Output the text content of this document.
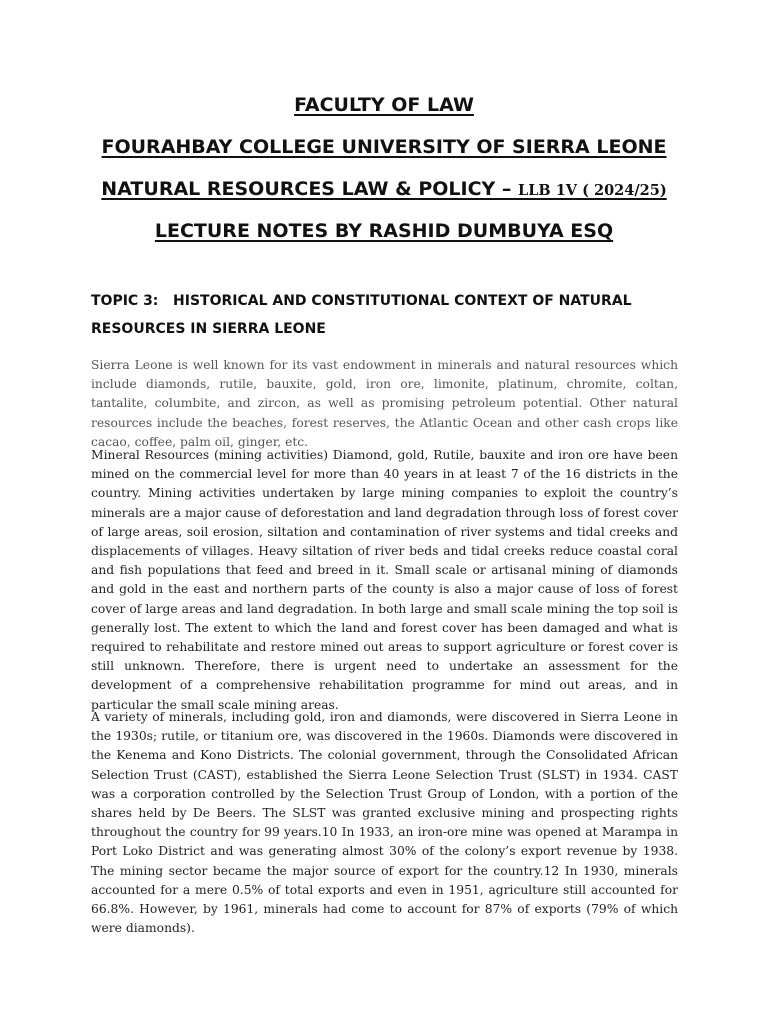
FACULTY OF LAW
FOURAHBAY COLLEGE UNIVERSITY OF SIERRA LEONE
NATURAL RESOURCES LAW & POLICY – LLB 1V ( 2024/25)
LECTURE NOTES BY RASHID DUMBUYA ESQ

TOPIC 3:   HISTORICAL AND CONSTITUTIONAL CONTEXT OF NATURAL RESOURCES IN SIERRA LEONE

Sierra Leone is well known for its vast endowment in minerals and natural resources which include diamonds, rutile, bauxite, gold, iron ore, limonite, platinum, chromite, coltan, tantalite, columbite, and zircon, as well as promising petroleum potential. Other natural resources include the beaches, forest reserves, the Atlantic Ocean and other cash crops like cacao, coffee, palm oil, ginger, etc.

Mineral Resources (mining activities) Diamond, gold, Rutile, bauxite and iron ore have been mined on the commercial level for more than 40 years in at least 7 of the 16 districts in the country. Mining activities undertaken by large mining companies to exploit the country’s minerals are a major cause of deforestation and land degradation through loss of forest cover of large areas, soil erosion, siltation and contamination of river systems and tidal creeks and displacements of villages. Heavy siltation of river beds and tidal creeks reduce coastal coral and fish populations that feed and breed in it. Small scale or artisanal mining of diamonds and gold in the east and northern parts of the county is also a major cause of loss of forest cover of large areas and land degradation. In both large and small scale mining the top soil is generally lost. The extent to which the land and forest cover has been damaged and what is required to rehabilitate and restore mined out areas to support agriculture or forest cover is still unknown. Therefore, there is urgent need to undertake an assessment for the development of a comprehensive rehabilitation programme for mind out areas, and in particular the small scale mining areas.

A variety of minerals, including gold, iron and diamonds, were discovered in Sierra Leone in the 1930s; rutile, or titanium ore, was discovered in the 1960s. Diamonds were discovered in the Kenema and Kono Districts. The colonial government, through the Consolidated African Selection Trust (CAST), established the Sierra Leone Selection Trust (SLST) in 1934. CAST was a corporation controlled by the Selection Trust Group of London, with a portion of the shares held by De Beers. The SLST was granted exclusive mining and prospecting rights throughout the country for 99 years.10 In 1933, an iron-ore mine was opened at Marampa in Port Loko District and was generating almost 30% of the colony’s export revenue by 1938. The mining sector became the major source of export for the country.12 In 1930, minerals accounted for a mere 0.5% of total exports and even in 1951, agriculture still accounted for 66.8%. However, by 1961, minerals had come to account for 87% of exports (79% of which were diamonds).
